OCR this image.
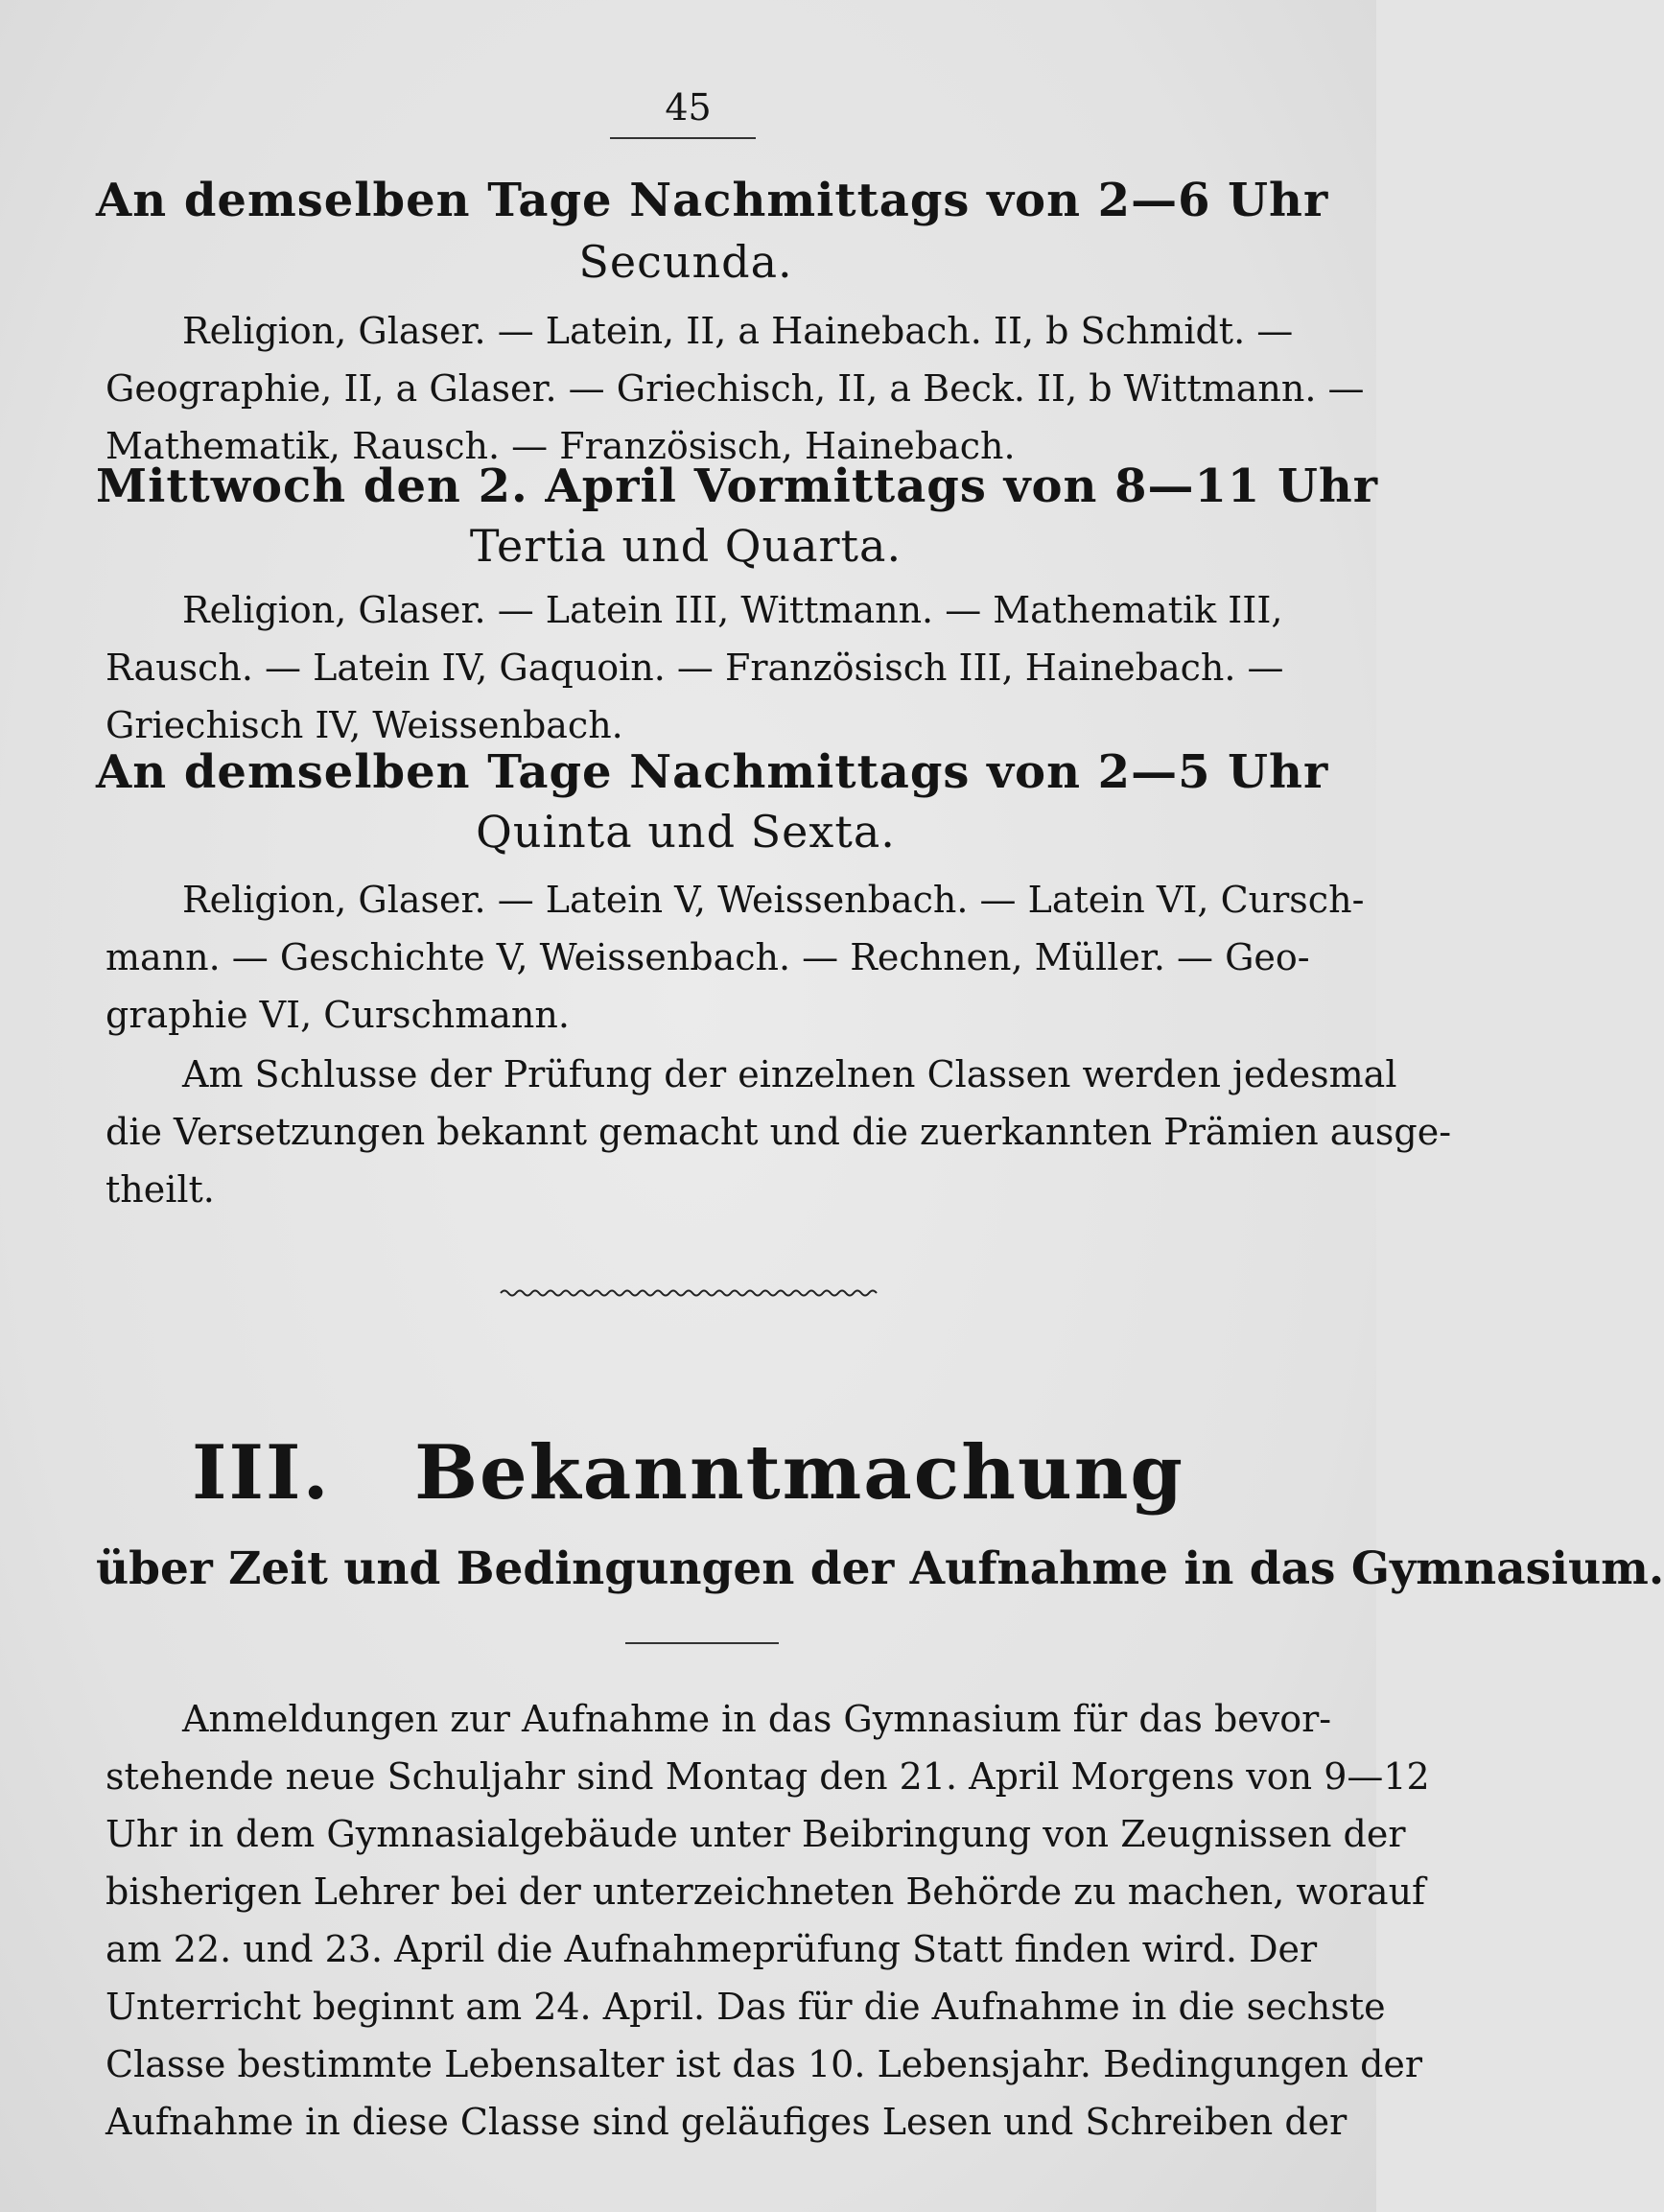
45
An demselben Tage Nachmittags von 2—6 Uhr
Secunda.
Religion, Glaser. — Latein, II, a Hainebach. II, b Schmidt. —
Geographie, II, a Glaser. — Griechisch, II, a Beck. II, b Wittmann. —
Mathematik, Rausch. — Französisch, Hainebach.
Mittwoch den 2. April Vormittags von 8—11 Uhr
Tertia und Quarta.
Religion, Glaser. — Latein III, Wittmann. — Mathematik III,
Rausch. — Latein IV, Gaquoin. — Französisch III, Hainebach. —
Griechisch IV, Weissenbach.
An demselben Tage Nachmittags von 2—5 Uhr
Quinta und Sexta.
Religion, Glaser. — Latein V, Weissenbach. — Latein VI, Cursch-
mann. — Geschichte V, Weissenbach. — Rechnen, Müller. — Geo-
graphie VI, Curschmann.
Am Schlusse der Prüfung der einzelnen Classen werden jedesmal
die Versetzungen bekannt gemacht und die zuerkannten Prämien ausge-
theilt.
III. Bekanntmachung
über Zeit und Bedingungen der Aufnahme in das Gymnasium.
Anmeldungen zur Aufnahme in das Gymnasium für das bevor-
stehende neue Schuljahr sind Montag den 21. April Morgens von 9—12
Uhr in dem Gymnasialgebäude unter Beibringung von Zeugnissen der
bisherigen Lehrer bei der unterzeichneten Behörde zu machen, worauf
am 22. und 23. April die Aufnahmeprüfung Statt finden wird. Der
Unterricht beginnt am 24. April. Das für die Aufnahme in die sechste
Classe bestimmte Lebensalter ist das 10. Lebensjahr. Bedingungen der
Aufnahme in diese Classe sind geläufiges Lesen und Schreiben der
